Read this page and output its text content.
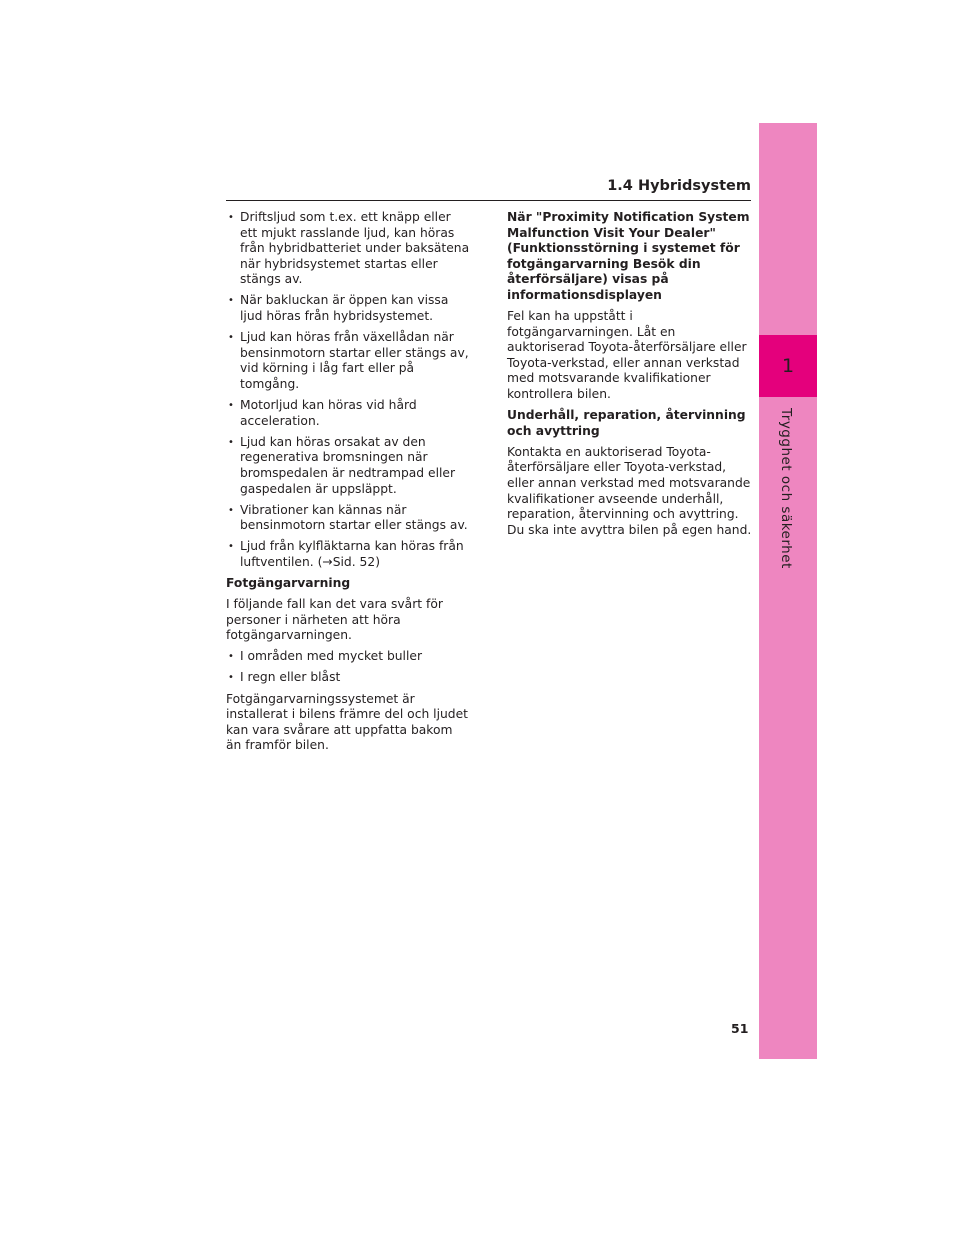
1
Trygghet och säkerhet
1.4 Hybridsystem
• Driftsljud som t.ex. ett knäpp eller ett mjukt rasslande ljud, kan höras från hybridbatteriet under baksätena när hybridsystemet startas eller stängs av.
• När bakluckan är öppen kan vissa ljud höras från hybridsystemet.
• Ljud kan höras från växellådan när bensinmotorn startar eller stängs av, vid körning i låg fart eller på tomgång.
• Motorljud kan höras vid hård acceleration.
• Ljud kan höras orsakat av den regenerativa bromsningen när bromspedalen är nedtrampad eller gaspedalen är uppsläppt.
• Vibrationer kan kännas när bensinmotorn startar eller stängs av.
• Ljud från kylfläktarna kan höras från luftventilen. (→Sid. 52)
Fotgängarvarning

I följande fall kan det vara svårt för personer i närheten att höra fotgängarvarningen.

• I områden med mycket buller
• I regn eller blåst

Fotgängarvarningssystemet är installerat i bilens främre del och ljudet kan vara svårare att uppfatta bakom än framför bilen.

När "Proximity Notification System Malfunction Visit Your Dealer" (Funktionsstörning i systemet för fotgängarvarning Besök din återförsäljare) visas på informationsdisplayen

Fel kan ha uppstått i fotgängarvarningen. Låt en auktoriserad Toyota-återförsäljare eller Toyota-verkstad, eller annan verkstad med motsvarande kvalifikationer kontrollera bilen.

Underhåll, reparation, återvinning och avyttring

Kontakta en auktoriserad Toyota-återförsäljare eller Toyota-verkstad, eller annan verkstad med motsvarande kvalifikationer avseende underhåll, reparation, återvinning och avyttring. Du ska inte avyttra bilen på egen hand.

51
